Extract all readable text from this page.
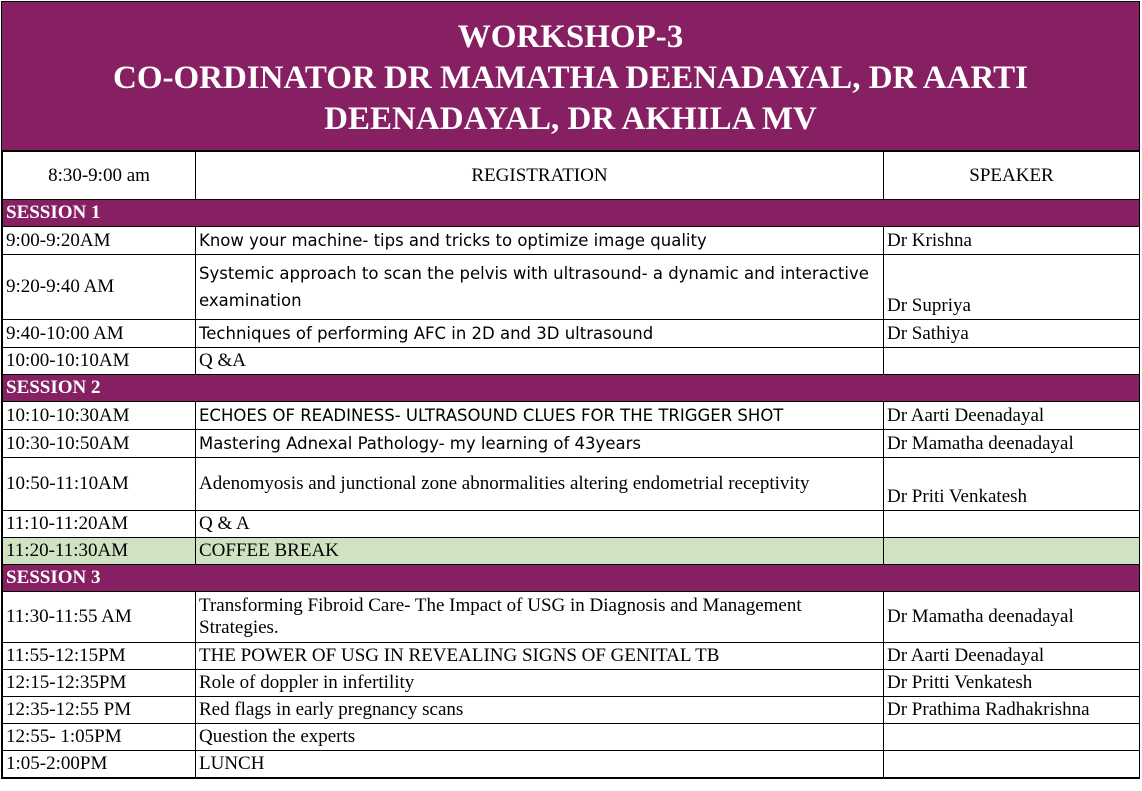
WORKSHOP-3
CO-ORDINATOR DR MAMATHA DEENADAYAL, DR AARTI
DEENADAYAL, DR AKHILA MV
8:30-9:00 am	REGISTRATION	SPEAKER
SESSION 1		
9:00-9:20AM	Know your machine- tips and tricks to optimize image quality	Dr Krishna
9:20-9:40 AM	Systemic approach to scan the pelvis with ultrasound- a dynamic and interactive examination	Dr Supriya
9:40-10:00 AM	Techniques of performing AFC in 2D and 3D ultrasound	Dr Sathiya
10:00-10:10AM	Q &A	
SESSION 2		
10:10-10:30AM	ECHOES OF READINESS- ULTRASOUND CLUES FOR THE TRIGGER SHOT	Dr Aarti Deenadayal
10:30-10:50AM	Mastering Adnexal Pathology- my learning of 43years	Dr Mamatha deenadayal
10:50-11:10AM	Adenomyosis and junctional zone abnormalities altering endometrial receptivity	Dr Priti Venkatesh
11:10-11:20AM	Q & A	
11:20-11:30AM	COFFEE BREAK	
SESSION 3		
11:30-11:55 AM	Transforming Fibroid Care- The Impact of USG in Diagnosis and Management Strategies.	Dr Mamatha deenadayal
11:55-12:15PM	THE POWER OF USG IN REVEALING SIGNS OF GENITAL TB	Dr Aarti Deenadayal
12:15-12:35PM	Role of doppler in infertility	Dr Pritti Venkatesh
12:35-12:55 PM	Red flags in early pregnancy scans	Dr Prathima Radhakrishna
12:55- 1:05PM	Question the experts	
1:05-2:00PM	LUNCH	
